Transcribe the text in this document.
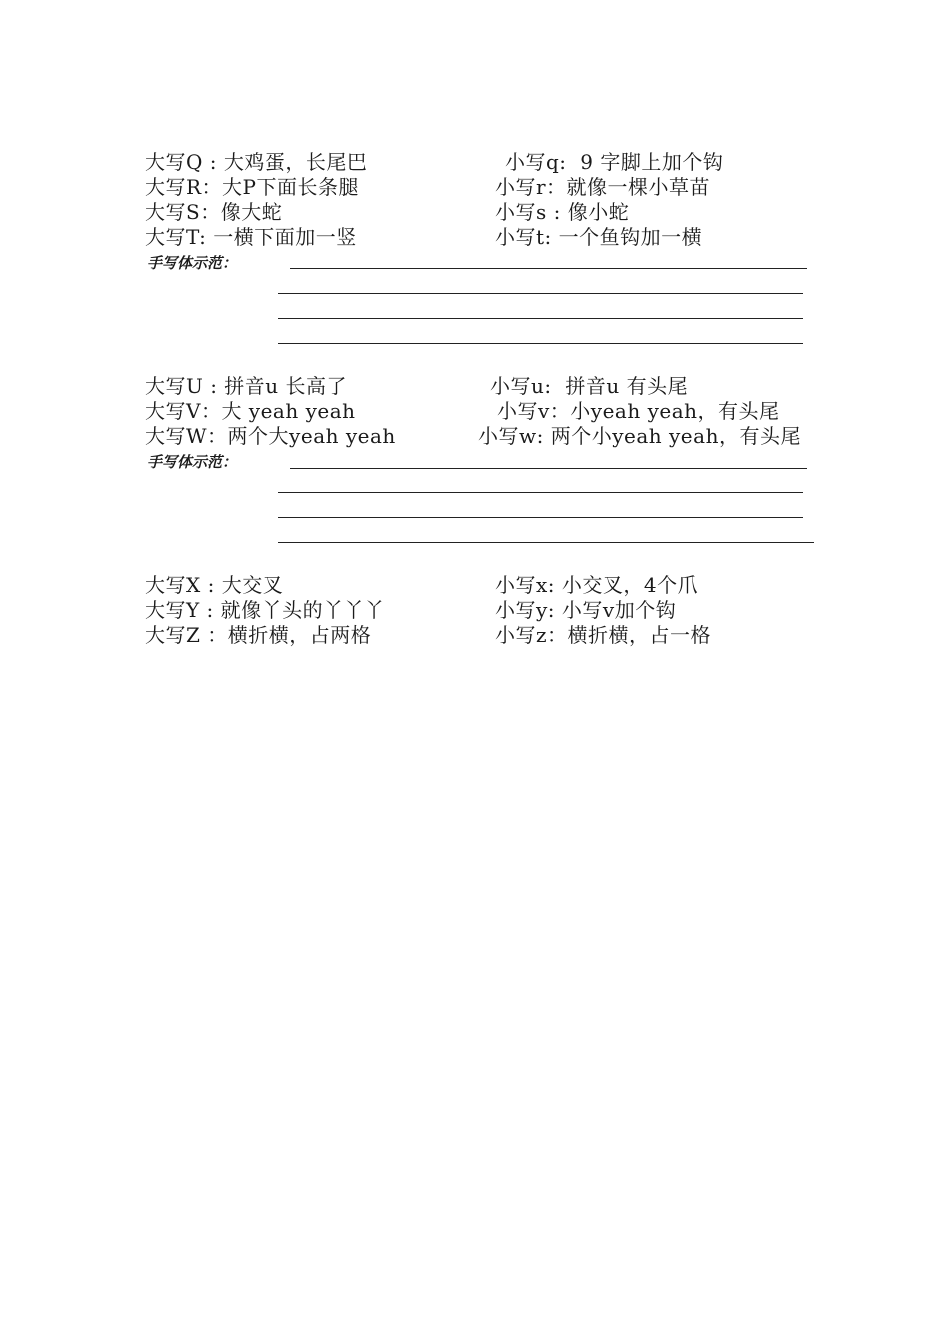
大写Q : 大鸡蛋，长尾巴	小写q:  9 字脚上加个钩
大写R：大P下面长条腿	小写r：就像一棵小草苗
大写S：像大蛇	小写s : 像小蛇
大写T: 一横下面加一竖	小写t: 一个鱼钩加一横
手写体示范：
大写U : 拼音u 长高了	小写u:  拼音u 有头尾
大写V：大 yeah yeah	小写v：小yeah yeah，有头尾
大写W：两个大yeah yeah	小写w: 两个小yeah yeah，有头尾
手写体示范：
大写X : 大交叉	小写x: 小交叉，4个爪
大写Y : 就像丫头的丫丫丫	小写y: 小写v加个钩
大写Z ：横折横，占两格	小写z：横折横，占一格
